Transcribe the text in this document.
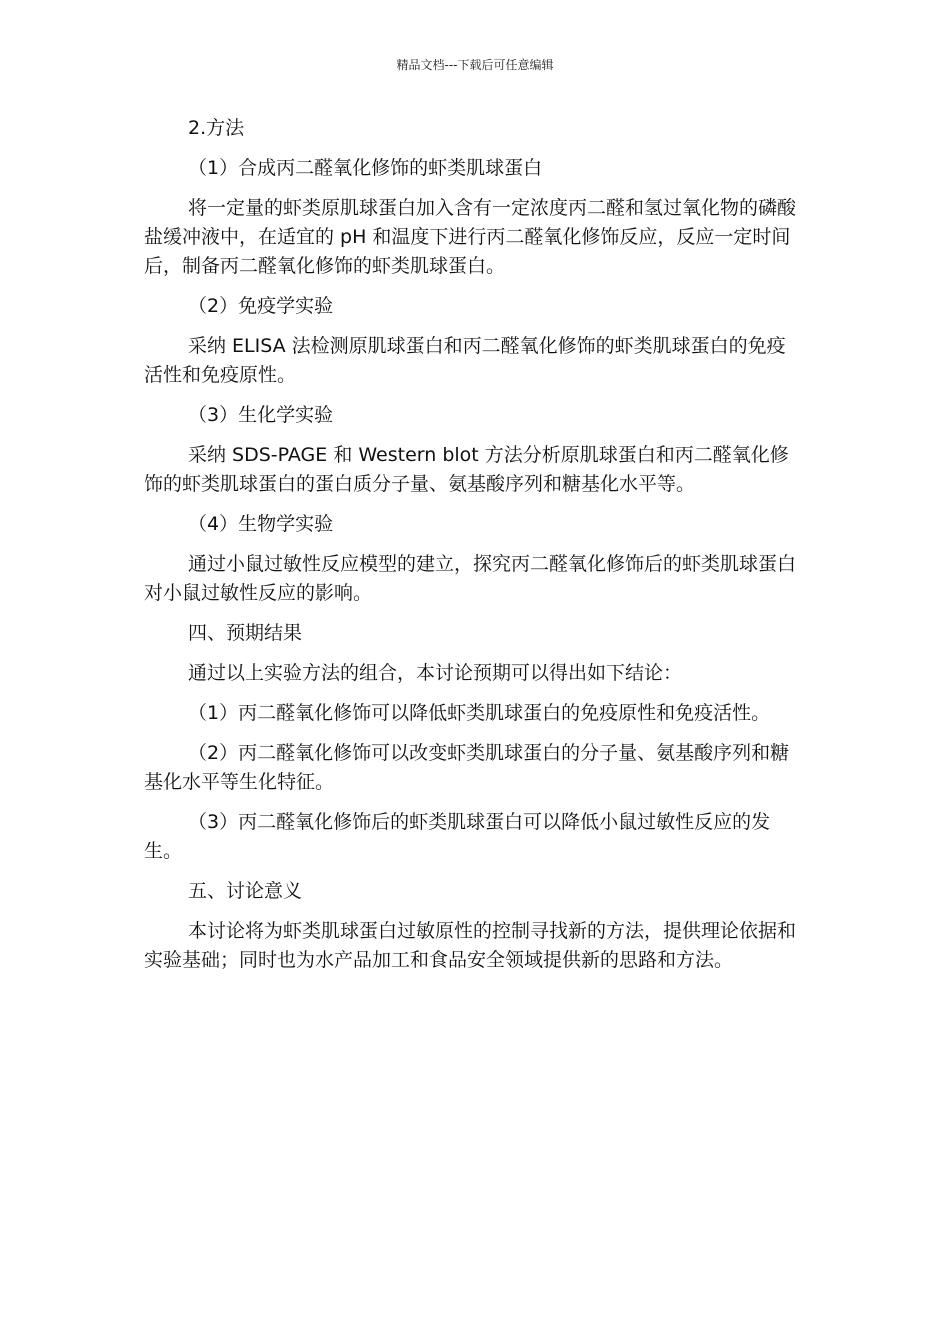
精品文档---下载后可任意编辑

2.方法

（1）合成丙二醛氧化修饰的虾类肌球蛋白

将一定量的虾类原肌球蛋白加入含有一定浓度丙二醛和氢过氧化物的磷酸盐缓冲液中，在适宜的 pH 和温度下进行丙二醛氧化修饰反应，反应一定时间后，制备丙二醛氧化修饰的虾类肌球蛋白。

（2）免疫学实验

采纳 ELISA 法检测原肌球蛋白和丙二醛氧化修饰的虾类肌球蛋白的免疫活性和免疫原性。

（3）生化学实验

采纳 SDS-PAGE 和 Western blot 方法分析原肌球蛋白和丙二醛氧化修饰的虾类肌球蛋白的蛋白质分子量、氨基酸序列和糖基化水平等。

（4）生物学实验

通过小鼠过敏性反应模型的建立，探究丙二醛氧化修饰后的虾类肌球蛋白对小鼠过敏性反应的影响。

四、预期结果

通过以上实验方法的组合，本讨论预期可以得出如下结论：

（1）丙二醛氧化修饰可以降低虾类肌球蛋白的免疫原性和免疫活性。

（2）丙二醛氧化修饰可以改变虾类肌球蛋白的分子量、氨基酸序列和糖基化水平等生化特征。

（3）丙二醛氧化修饰后的虾类肌球蛋白可以降低小鼠过敏性反应的发生。

五、讨论意义

本讨论将为虾类肌球蛋白过敏原性的控制寻找新的方法，提供理论依据和实验基础；同时也为水产品加工和食品安全领域提供新的思路和方法。
